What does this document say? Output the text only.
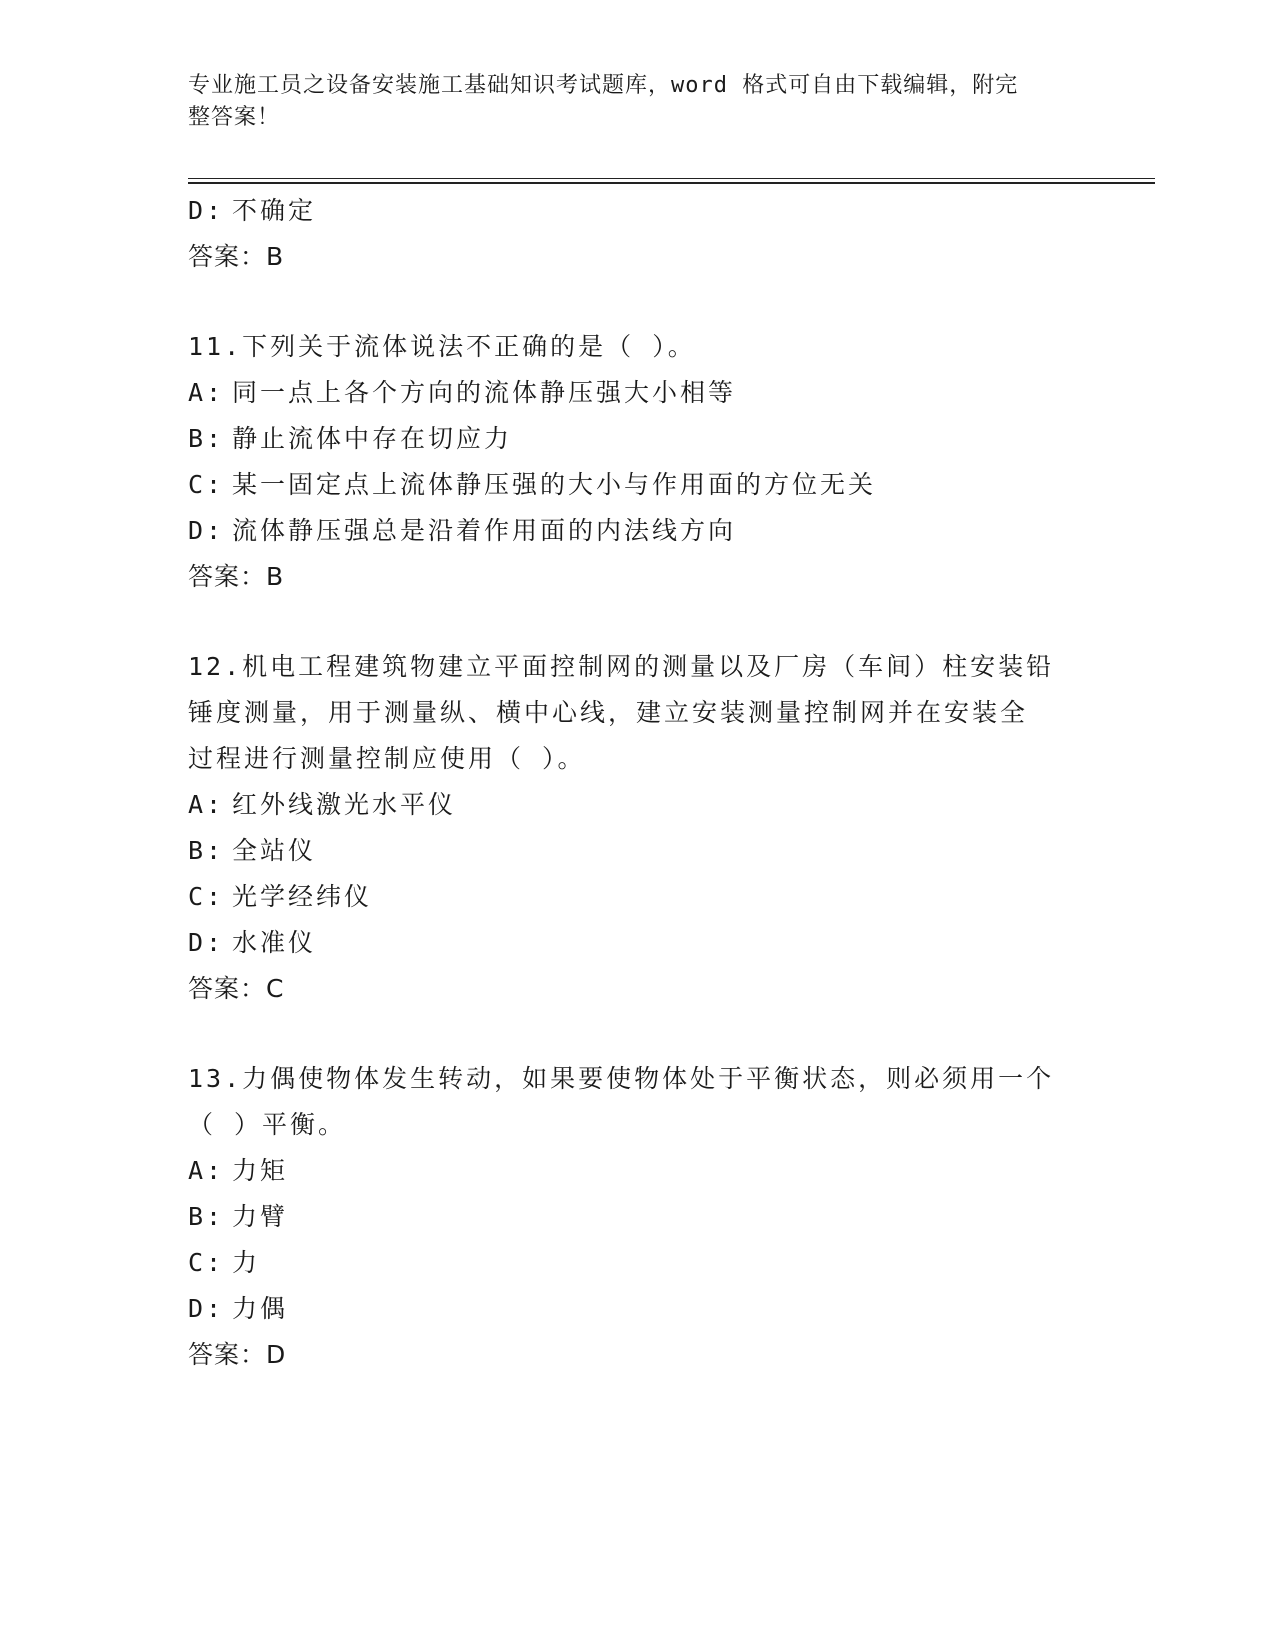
专业施工员之设备安装施工基础知识考试题库，word 格式可自由下载编辑，附完
整答案！
D: 不确定
答案：B
11.下列关于流体说法不正确的是（ ）。
A: 同一点上各个方向的流体静压强大小相等
B: 静止流体中存在切应力
C: 某一固定点上流体静压强的大小与作用面的方位无关
D: 流体静压强总是沿着作用面的内法线方向
答案：B
12.机电工程建筑物建立平面控制网的测量以及厂房（车间）柱安装铅
锤度测量，用于测量纵、横中心线，建立安装测量控制网并在安装全
过程进行测量控制应使用（ ）。
A: 红外线激光水平仪
B: 全站仪
C: 光学经纬仪
D: 水准仪
答案：C
13.力偶使物体发生转动，如果要使物体处于平衡状态，则必须用一个
（ ）平衡。
A: 力矩
B: 力臂
C: 力
D: 力偶
答案：D
